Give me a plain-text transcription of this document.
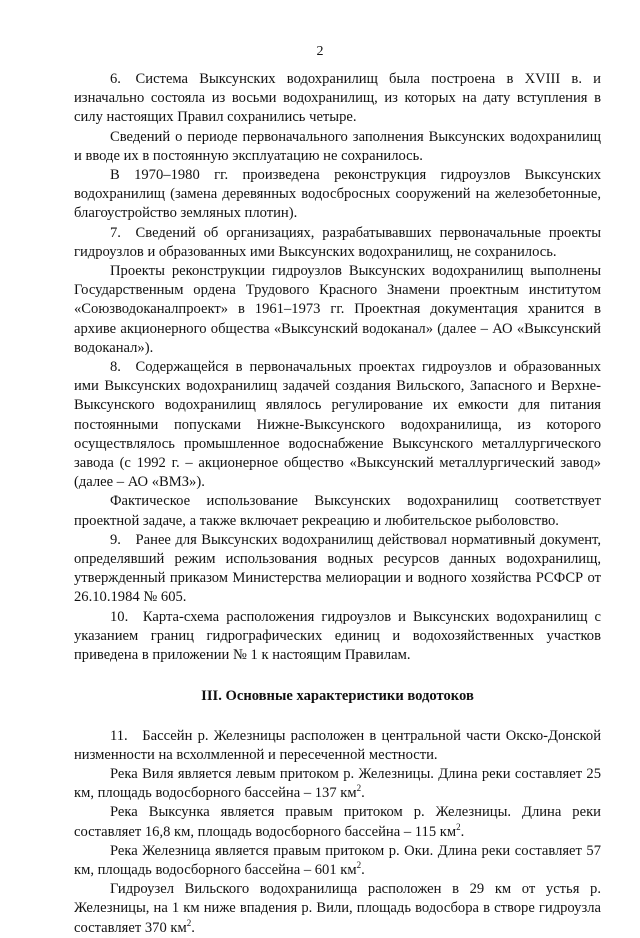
2

6. Система Выксунских водохранилищ была построена в XVIII в. и изначально состояла из восьми водохранилищ, из которых на дату вступления в силу настоящих Правил сохранились четыре.

Сведений о периоде первоначального заполнения Выксунских водохранилищ и вводе их в постоянную эксплуатацию не сохранилось.

В 1970–1980 гг. произведена реконструкция гидроузлов Выксунских водохранилищ (замена деревянных водосбросных сооружений на железобетонные, благоустройство земляных плотин).

7. Сведений об организациях, разрабатывавших первоначальные проекты гидроузлов и образованных ими Выксунских водохранилищ, не сохранилось.

Проекты реконструкции гидроузлов Выксунских водохранилищ выполнены Государственным ордена Трудового Красного Знамени проектным институтом «Союзводоканалпроект» в 1961–1973 гг. Проектная документация хранится в архиве акционерного общества «Выксунский водоканал» (далее – АО «Выксунский водоканал»).

8. Содержащейся в первоначальных проектах гидроузлов и образованных ими Выксунских водохранилищ задачей создания Вильского, Запасного и Верхне-Выксунского водохранилищ являлось регулирование их емкости для питания постоянными попусками Нижне-Выксунского водохранилища, из которого осуществлялось промышленное водоснабжение Выксунского металлургического завода (с 1992 г. – акционерное общество «Выксунский металлургический завод» (далее – АО «ВМЗ»).

Фактическое использование Выксунских водохранилищ соответствует проектной задаче, а также включает рекреацию и любительское рыболовство.

9. Ранее для Выксунских водохранилищ действовал нормативный документ, определявший режим использования водных ресурсов данных водохранилищ, утвержденный приказом Министерства мелиорации и водного хозяйства РСФСР от 26.10.1984 № 605.

10. Карта-схема расположения гидроузлов и Выксунских водохранилищ с указанием границ гидрографических единиц и водохозяйственных участков приведена в приложении № 1 к настоящим Правилам.

III. Основные характеристики водотоков

11. Бассейн р. Железницы расположен в центральной части Окско-Донской низменности на всхолмленной и пересеченной местности.

Река Виля является левым притоком р. Железницы. Длина реки составляет 25 км, площадь водосборного бассейна – 137 $км^2$.

Река Выксунка является правым притоком р. Железницы. Длина реки составляет 16,8 км, площадь водосборного бассейна – 115 $км^2$.

Река Железница является правым притоком р. Оки. Длина реки составляет 57 км, площадь водосборного бассейна – 601 $км^2$.

Гидроузел Вильского водохранилища расположен в 29 км от устья р. Железницы, на 1 км ниже впадения р. Вили, площадь водосбора в створе гидроузла составляет 370 $км^2$.
